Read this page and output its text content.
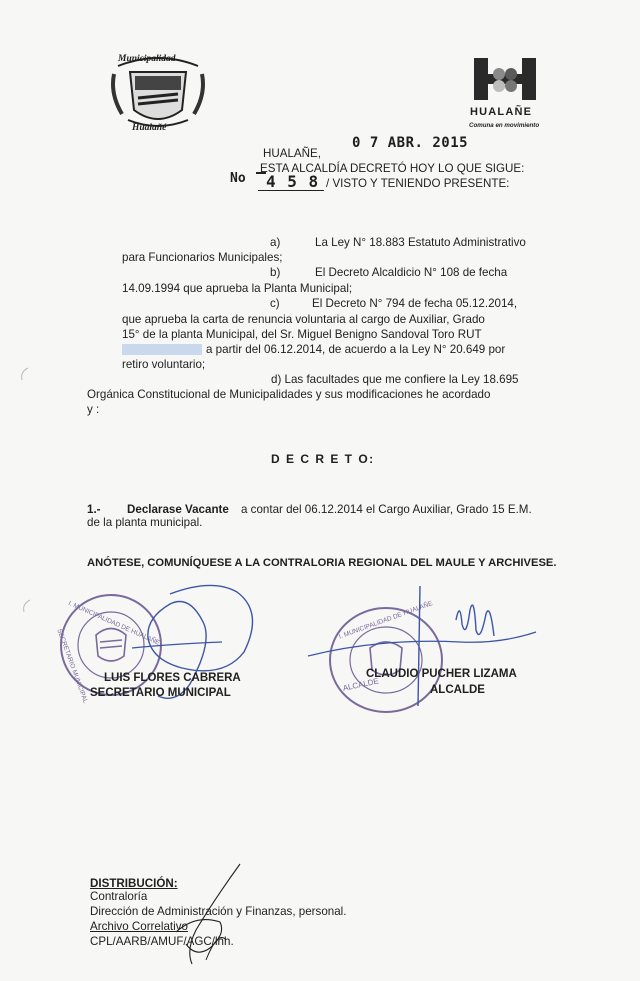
Municipalidad
Hualañé
HUALAÑE
Comuna en movimiento
0 7 ABR. 2015
HUALAÑE,
ESTA ALCALDÍA DECRETÓ HOY LO QUE SIGUE:
No 4 5 8 / VISTO Y TENIENDO PRESENTE:
a)	La Ley N° 18.883 Estatuto Administrativo
para Funcionarios Municipales;
b)	El Decreto Alcaldicio N° 108 de fecha
14.09.1994 que aprueba la Planta Municipal;
c)	El Decreto N° 794 de fecha 05.12.2014,
que aprueba la carta de renuncia voluntaria al cargo de Auxiliar, Grado
15° de la planta Municipal, del Sr. Miguel Benigno Sandoval Toro RUT
a partir del 06.12.2014, de acuerdo a la Ley N° 20.649 por
retiro voluntario;
d) Las facultades que me confiere la Ley 18.695
Orgánica Constitucional de Municipalidades y sus modificaciones he acordado
y :
D E C R E T O:
1.- Declarase Vacante a contar del 06.12.2014 el Cargo Auxiliar, Grado 15 E.M.
de la planta municipal.
ANÓTESE, COMUNÍQUESE A LA CONTRALORIA REGIONAL DEL MAULE Y ARCHIVESE.
I. MUNICIPALIDAD DE HUALAÑE
SECRETARIO MUNICIPAL LUIS FLORES CABRERA
SECRETARIO MUNICIPAL
I. MUNICIPALIDAD DE HUALAÑE
ALCALDE
CLAUDIO PUCHER LIZAMA
ALCALDE
DISTRIBUCIÓN:
Contraloría
Dirección de Administración y Finanzas, personal.
Archivo Correlativo
CPL/AARB/AMUF/AGC/lhh.
